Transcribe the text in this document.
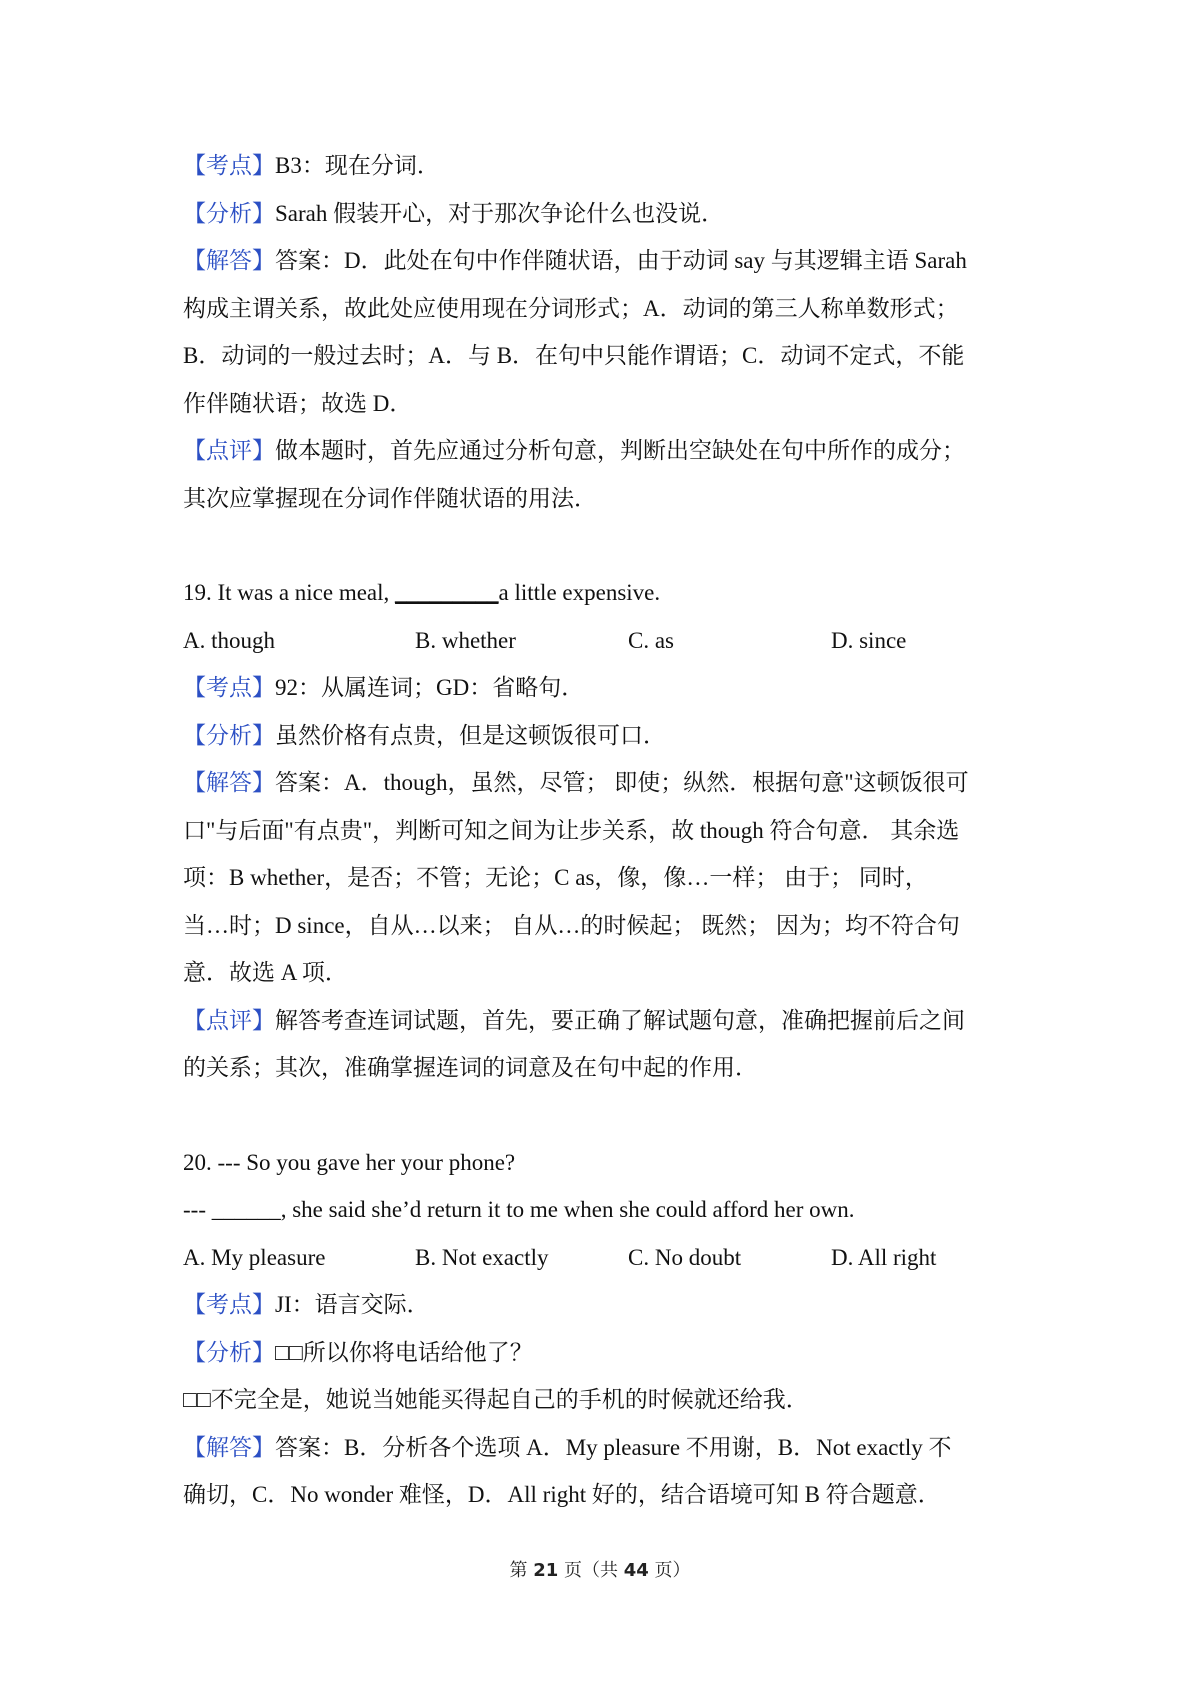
【考点】B3：现在分词．
【分析】Sarah 假装开心，对于那次争论什么也没说．
【解答】答案：D．此处在句中作伴随状语，由于动词 say 与其逻辑主语 Sarah
构成主谓关系，故此处应使用现在分词形式；A．动词的第三人称单数形式；
B．动词的一般过去时；A．与 B．在句中只能作谓语；C．动词不定式，不能
作伴随状语；故选 D．
【点评】做本题时，首先应通过分析句意，判断出空缺处在句中所作的成分；
其次应掌握现在分词作伴随状语的用法．
19. It was a nice meal, _________a little expensive.
A. though	B. whether	C. as	D. since
【考点】92：从属连词；GD：省略句．
【分析】虽然价格有点贵，但是这顿饭很可口．
【解答】答案：A．though，虽然，尽管； 即使；纵然．根据句意"这顿饭很可
口"与后面"有点贵"，判断可知之间为让步关系，故 though 符合句意． 其余选
项：B whether，是否；不管；无论；C as，像，像…一样； 由于； 同时，
当…时；D since，自从…以来； 自从…的时候起； 既然； 因为；均不符合句
意．故选 A 项．
【点评】解答考查连词试题，首先，要正确了解试题句意，准确把握前后之间
的关系；其次，准确掌握连词的词意及在句中起的作用．
20. --- So you gave her your phone?
--- ______, she said she’d return it to me when she could afford her own.
A. My pleasure	B. Not exactly	C. No doubt	D. All right
【考点】JI：语言交际．
【分析】□□所以你将电话给他了？
□□不完全是，她说当她能买得起自己的手机的时候就还给我．
【解答】答案：B．分析各个选项 A．My pleasure 不用谢，B．Not exactly 不
确切，C．No wonder 难怪，D．All right 好的，结合语境可知 B 符合题意．
第 21 页（共 44 页）
